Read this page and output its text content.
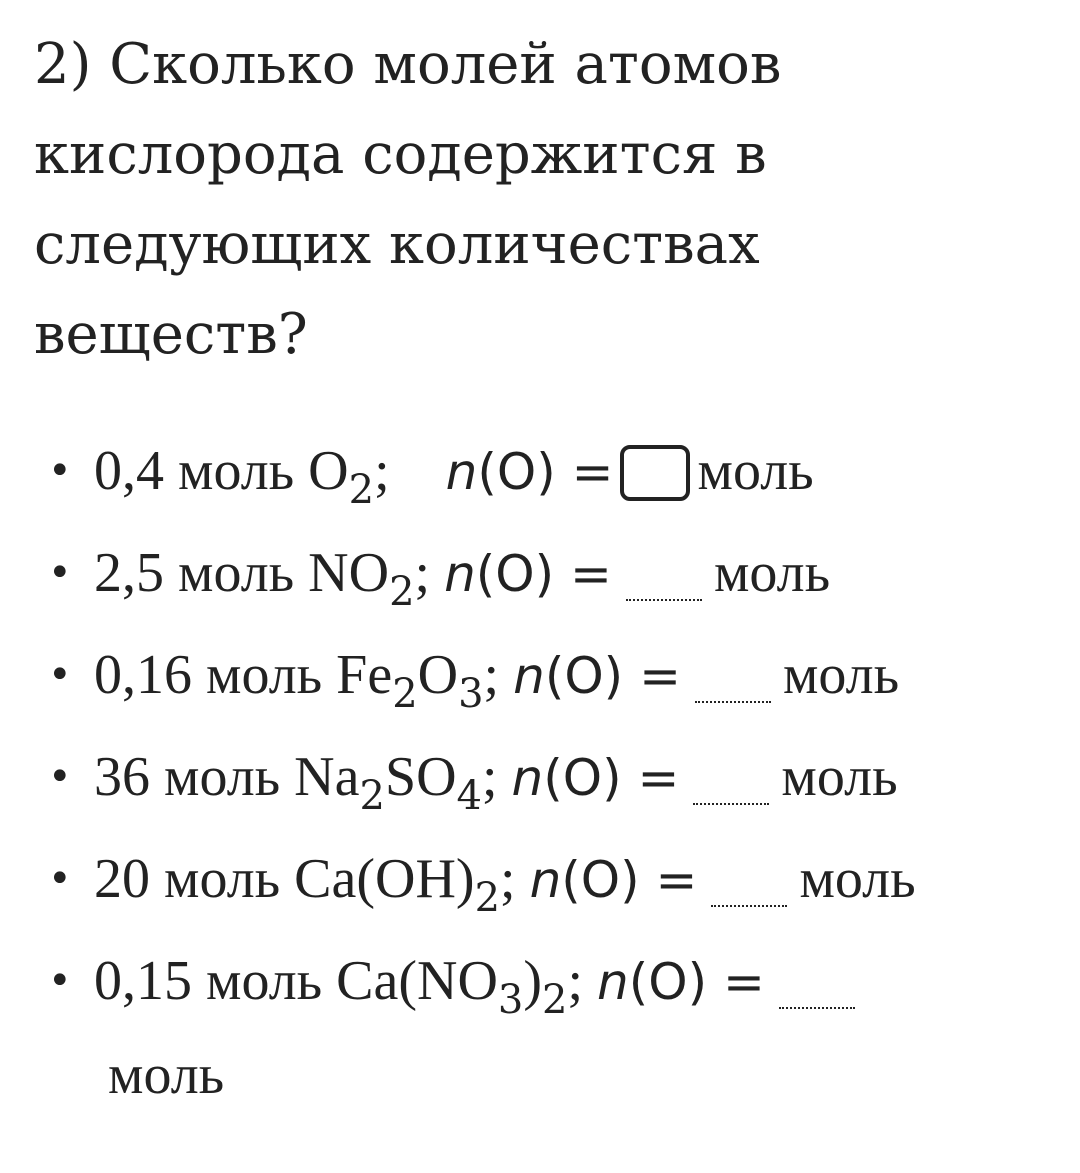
2) Сколько молей атомов кислорода содержится в следующих количествах веществ?

• 0,4 моль $O_2$; n(O) = моль
• 2,5 моль $NO_2$; n(O) = моль
• 0,16 моль $Fe_2O_3$; n(O) = моль
• 36 моль $Na_2SO_4$; n(O) = моль
• 20 моль $Ca(OH)_2$; n(O) = моль
• 0,15 моль $Ca(NO_3)_2$; n(O) =
моль
